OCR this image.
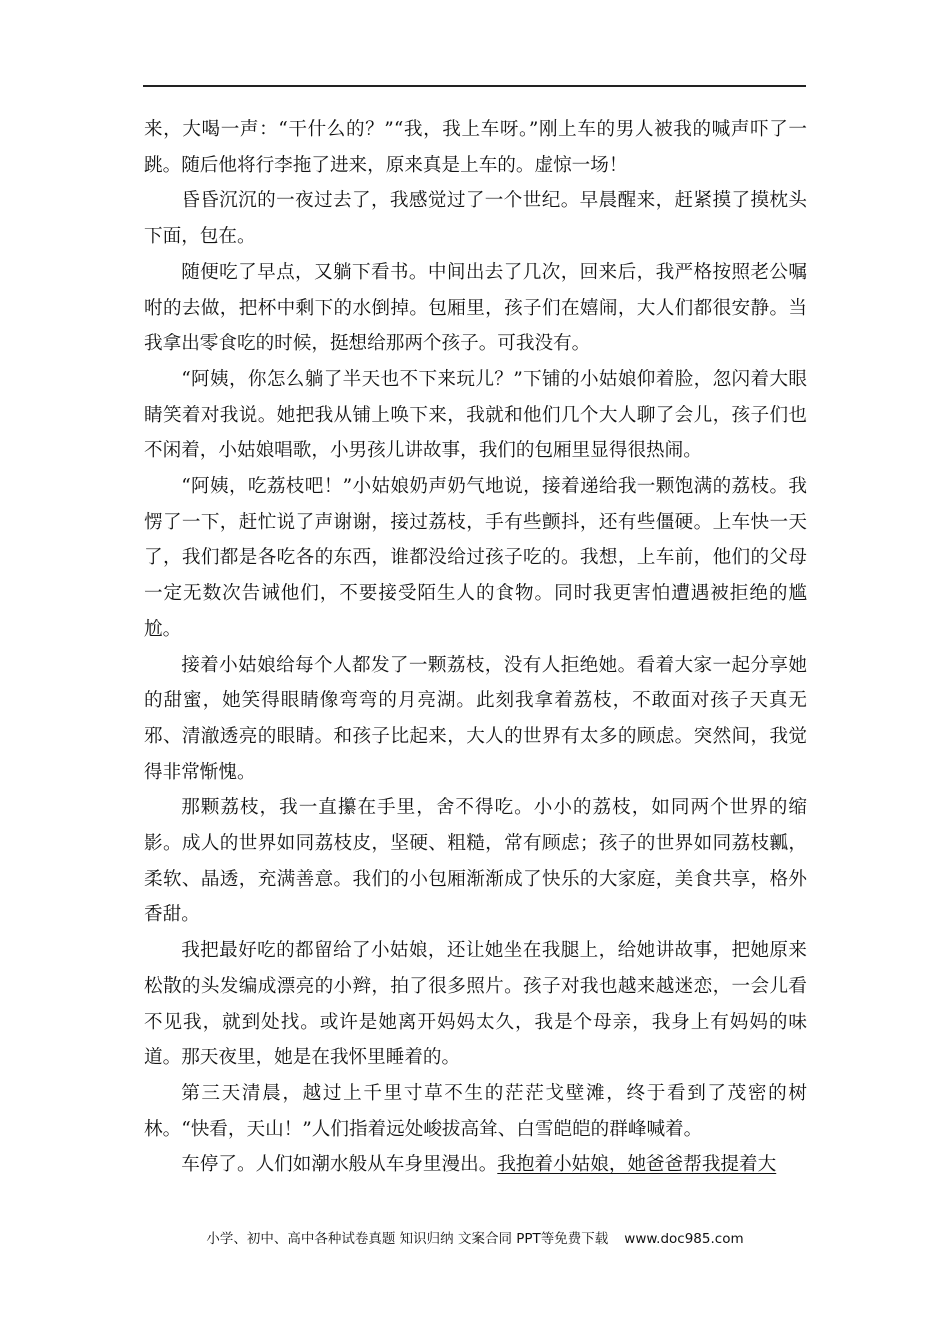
来，大喝一声：“干什么的？”“我，我上车呀。”刚上车的男人被我的喊声吓了一跳。随后他将行李拖了进来，原来真是上车的。虚惊一场！

昏昏沉沉的一夜过去了，我感觉过了一个世纪。早晨醒来，赶紧摸了摸枕头下面，包在。

随便吃了早点，又躺下看书。中间出去了几次，回来后，我严格按照老公嘱咐的去做，把杯中剩下的水倒掉。包厢里，孩子们在嬉闹，大人们都很安静。当我拿出零食吃的时候，挺想给那两个孩子。可我没有。

“阿姨，你怎么躺了半天也不下来玩儿？”下铺的小姑娘仰着脸，忽闪着大眼睛笑着对我说。她把我从铺上唤下来，我就和他们几个大人聊了会儿，孩子们也不闲着，小姑娘唱歌，小男孩儿讲故事，我们的包厢里显得很热闹。

“阿姨，吃荔枝吧！”小姑娘奶声奶气地说，接着递给我一颗饱满的荔枝。我愣了一下，赶忙说了声谢谢，接过荔枝，手有些颤抖，还有些僵硬。上车快一天了，我们都是各吃各的东西，谁都没给过孩子吃的。我想，上车前，他们的父母一定无数次告诫他们，不要接受陌生人的食物。同时我更害怕遭遇被拒绝的尴尬。

接着小姑娘给每个人都发了一颗荔枝，没有人拒绝她。看着大家一起分享她的甜蜜，她笑得眼睛像弯弯的月亮湖。此刻我拿着荔枝，不敢面对孩子天真无邪、清澈透亮的眼睛。和孩子比起来，大人的世界有太多的顾虑。突然间，我觉得非常惭愧。

那颗荔枝，我一直攥在手里，舍不得吃。小小的荔枝，如同两个世界的缩影。成人的世界如同荔枝皮，坚硬、粗糙，常有顾虑；孩子的世界如同荔枝瓤，柔软、晶透，充满善意。我们的小包厢渐渐成了快乐的大家庭，美食共享，格外香甜。

我把最好吃的都留给了小姑娘，还让她坐在我腿上，给她讲故事，把她原来松散的头发编成漂亮的小辫，拍了很多照片。孩子对我也越来越迷恋，一会儿看不见我，就到处找。或许是她离开妈妈太久，我是个母亲，我身上有妈妈的味道。那天夜里，她是在我怀里睡着的。

第三天清晨，越过上千里寸草不生的茫茫戈壁滩，终于看到了茂密的树林。“快看，天山！”人们指着远处峻拔高耸、白雪皑皑的群峰喊着。

车停了。人们如潮水般从车身里漫出。我抱着小姑娘，她爸爸帮我提着大

小学、初中、高中各种试卷真题 知识归纳 文案合同 PPT等免费下载 www.doc985.com
